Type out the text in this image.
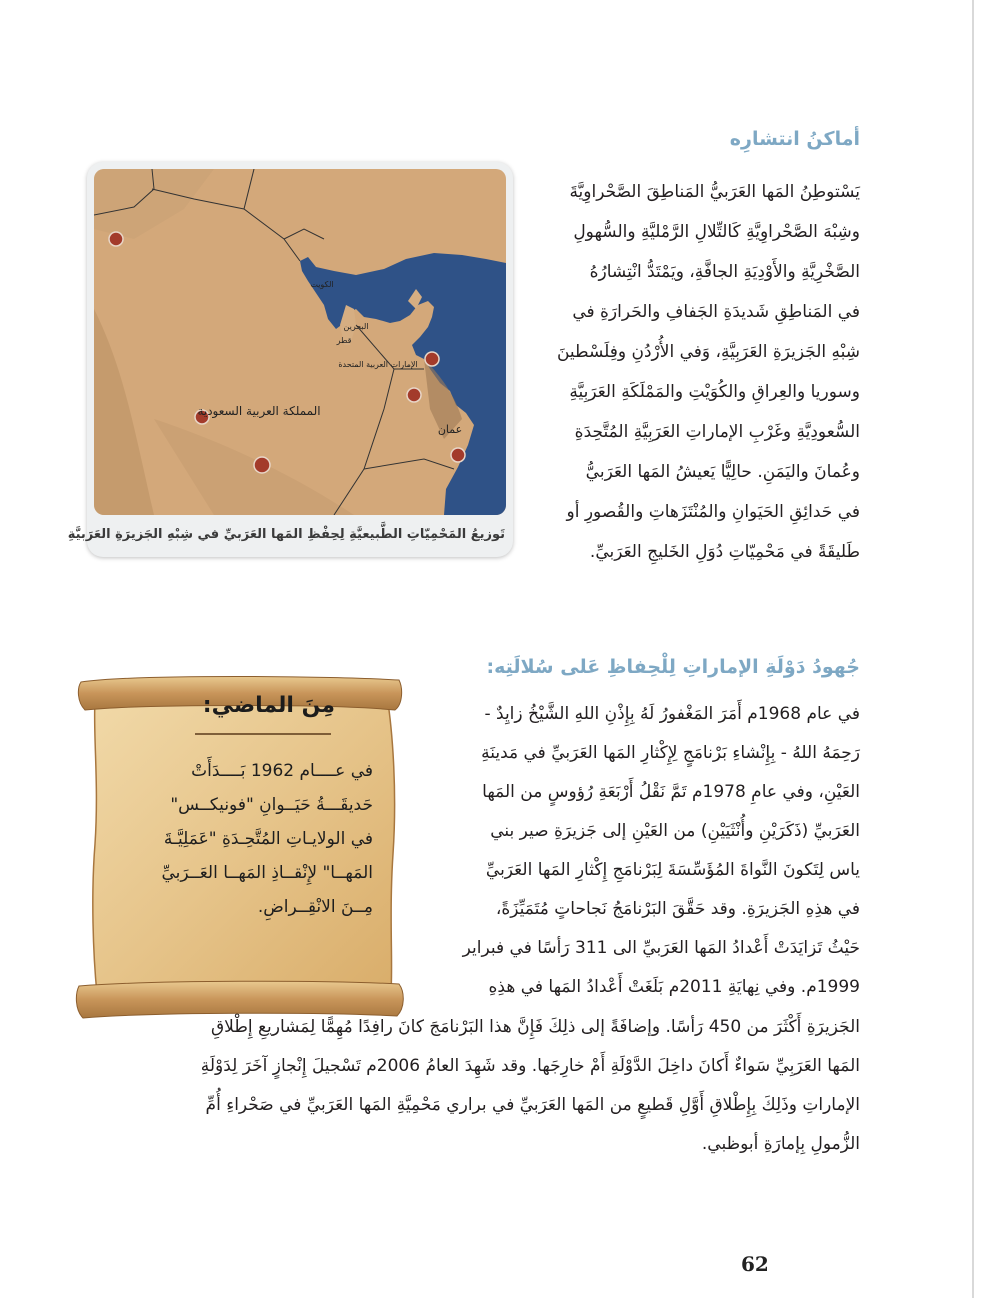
أماكنُ انتشارِه

يَسْتوطِنُ المَها العَرَبيُّ المَناطِقَ الصَّحْراوِيَّةَ
وشِبْهَ الصَّحْراوِيَّةِ كَالتِّلالِ الرَّمْليَّةِ والسُّهولِ
الصَّخْرِيَّةِ والأَوْدِيَةِ الجافَّةِ، ويَمْتَدُّ انْتِشارُهُ
في المَناطِقِ شَديدَةِ الجَفافِ والحَرارَةِ في
شِبْهِ الجَزيرَةِ العَرَبِيَّةِ، وَفي الأُرْدُنِ وفِلَسْطينَ
وسوريا والعِراقِ والكُوَيْتِ والمَمْلَكَةِ العَرَبِيَّةِ
السُّعودِيَّةِ وغَرْبِ الإماراتِ العَرَبِيَّةِ المُتَّحِدَةِ
وعُمانَ واليَمَنِ. حالِيًّا يَعيشُ المَها العَرَبيُّ
في حَدائِقِ الحَيَوانِ والمُنْتَزَهاتِ والقُصورِ أو
طَليقَةً في مَحْمِيّاتِ دُوَلِ الخَليجِ العَرَبيِّ.

المملكة العربية السعودية
الكويت
البحرين
قطر
الإمارات العربية المتحدة
عمان
تَوزيعُ المَحْمِيّاتِ الطَّبيعيَّةِ لِحِفْظِ المَها العَرَبيِّ في شِبْهِ الجَزيرَةِ العَرَبيَّةِ
جُهودُ دَوْلَةِ الإماراتِ لِلْحِفاظِ عَلى سُلالَتِه:

في عام 1968م أَمَرَ المَغْفورُ لَهُ بِإِذْنِ اللهِ الشَّيْخُ زايِدٌ -
رَحِمَهُ اللهُ - بِإِنْشاءِ بَرْنامَجٍ لِإِكْثارِ المَها العَرَبيِّ في مَدينَةِ
العَيْنِ، وفي عامِ 1978م تَمَّ نَقْلُ أَرْبَعَةِ رُؤوسٍ من المَها
العَرَبيِّ (ذَكَرَيْنِ وأُنْثَيَيْنِ) من العَيْنِ إلى جَزيرَةِ صير بني
ياس لِتَكونَ النَّواةَ المُؤَسِّسَةَ لِبَرْنامَجِ إِكْثارِ المَها العَرَبيِّ
في هذِهِ الجَزيرَةِ. وقد حَقَّقَ البَرْنامَجُ نَجاحاتٍ مُتَمَيِّزَةً،
حَيْثُ تَزايَدَتْ أَعْدادُ المَها العَرَبيِّ الى 311 رَأسًا في فبراير
1999م. وفي نِهايَةِ 2011م بَلَغَتْ أَعْدادُ المَها في هذِهِ

الجَزيرَةِ أَكْثَرَ من 450 رَأسًا. وإضافَةً إلى ذلِكَ فَإِنَّ هذا البَرْنامَجَ كانَ رافِدًا مُهِمًّا لِمَشاريعِ إِطْلاقِ
المَها العَرَبِيِّ سَواءٌ أَكانَ داخِلَ الدَّوْلَةِ أَمْ خارِجَها. وقد شَهِدَ العامُ 2006م تَسْجيلَ إِنْجازٍ آخَرَ لِدَوْلَةِ
الإماراتِ وذَلِكَ بِإِطْلاقِ أَوَّلِ قَطيعٍ من المَها العَرَبيِّ في براري مَحْمِيَّةِ المَها العَرَبيِّ في صَحْراءِ أُمِّ
الزُّمولِ بِإمارَةِ أبوظبي.

مِنَ الماضي:

في عــــام 1962 بَــــدَأَتْ
حَديقَـــةُ حَيَــوانِ "فونيكــس"
في الولايـاتِ المُتَّحِـدَةِ "عَمَلِيَّـةَ
المَهــا" لإِنْقــاذِ المَهــا العَــرَبيِّ
مِــنَ الانْقِــراضِ.

62
